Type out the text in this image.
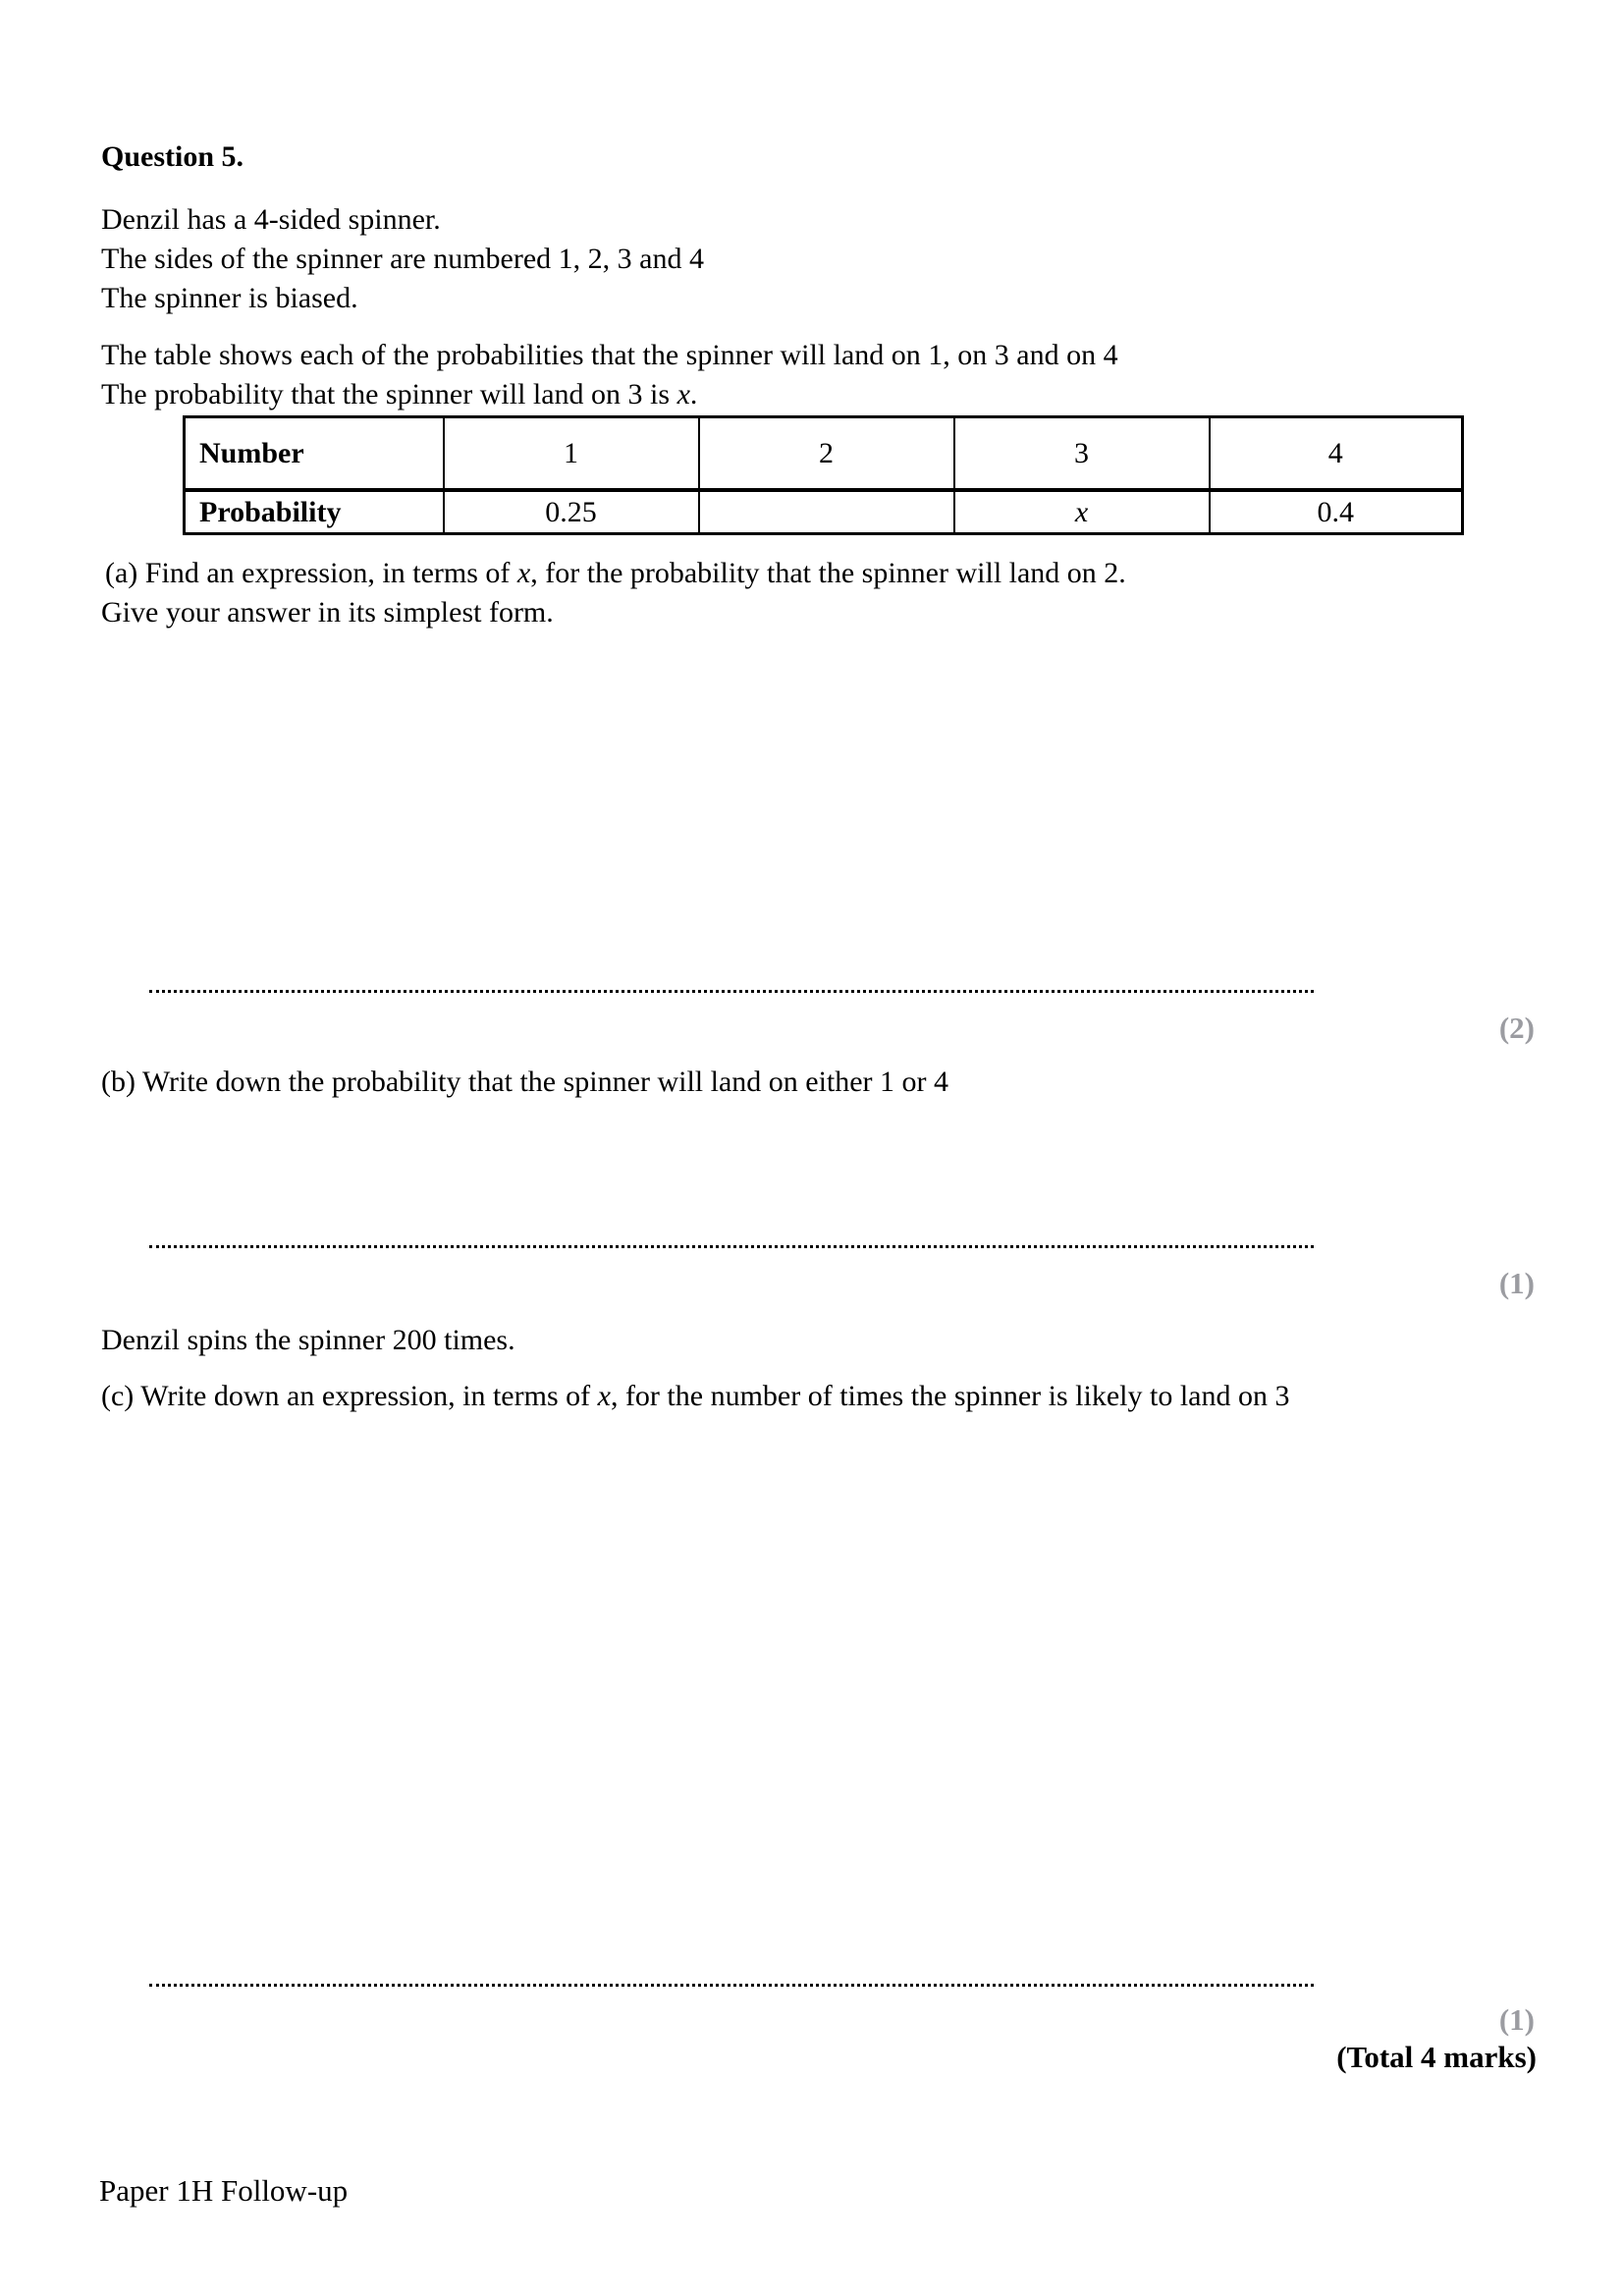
Question 5.
Denzil has a 4-sided spinner.
The sides of the spinner are numbered 1, 2, 3 and 4
The spinner is biased.
The table shows each of the probabilities that the spinner will land on 1, on 3 and on 4
The probability that the spinner will land on 3 is x.
Number	1	2	3	4
Probability	0.25		x	0.4
(a) Find an expression, in terms of x, for the probability that the spinner will land on 2.
Give your answer in its simplest form.
(2)
(b) Write down the probability that the spinner will land on either 1 or 4
(1)
Denzil spins the spinner 200 times.
(c) Write down an expression, in terms of x, for the number of times the spinner is likely to land on 3
(1)
(Total 4 marks)
Paper 1H Follow-up
